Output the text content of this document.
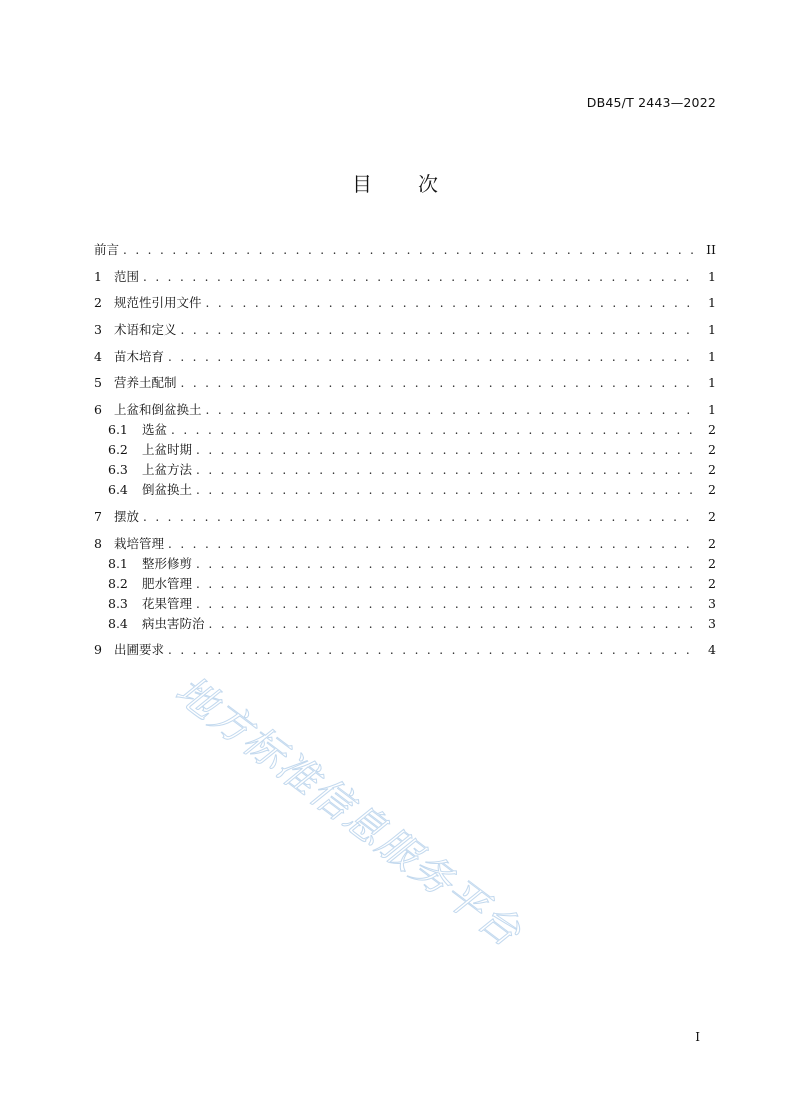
DB45/T 2443—2022
目 次
前言 . . .	II
1 范围 . . .	1
2 规范性引用文件 . . .	1
3 术语和定义 . . .	1
4 苗木培育 . . .	1
5 营养土配制 . . .	1
6 上盆和倒盆换土 . . .	1
6.1	选盆 . . .	2
6.2	上盆时期 . . .	2
6.3	上盆方法 . . .	2
6.4	倒盆换土 . . .	2
7 摆放 . . .	2
8 栽培管理 . . .	2
8.1	整形修剪 . . .	2
8.2	肥水管理 . . .	2
8.3	花果管理 . . .	3
8.4	病虫害防治 . . .	3
9 出圃要求 . . .	4
地方标准信息服务平台
I
